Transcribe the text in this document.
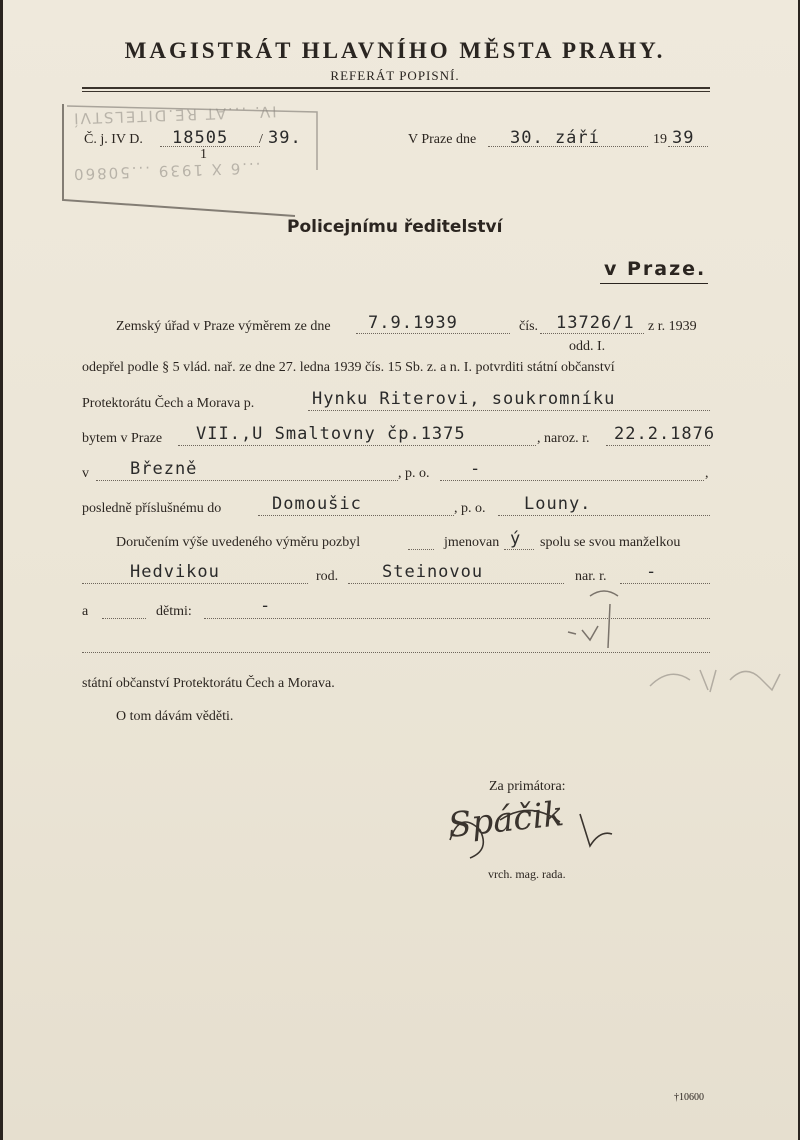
MAGISTRÁT HLAVNÍHO MĚSTA PRAHY.
REFERÁT POPISNÍ.
IV. ...AT RE.DITELSTVÍ
...6 X 1939 ...50860
Č. j. IV D. 18505
1
/ 39.	V Praze dne 30. září	19 39
Policejnímu ředitelství
v Praze.
Zemský úřad v Praze výměrem ze dne 7.9.1939	čís. 13726/1 z r. 1939
odd. I.
odepřel podle § 5 vlád. nař. ze dne 27. ledna 1939 čís. 15 Sb. z. a n. I. potvrditi státní občanství
Protektorátu Čech a Morava p.	Hynku Riterovi, soukromníku
bytem v Praze VII.,U Smaltovny čp.1375	, naroz. r. 22.2.1876
v Březně	, p. o. -	,
posledně příslušnému do	Domoušic	, p. o. Louny.
Doručením výše uvedeného výměru pozbyl	jmenovan ý spolu se svou manželkou
Hedvikou	rod.	Steinovou	nar. r. -
a	dětmi:	-
státní občanství Protektorátu Čech a Morava.
O tom dávám věděti.
Za primátora:
Spáčik
vrch. mag. rada.
†10600
